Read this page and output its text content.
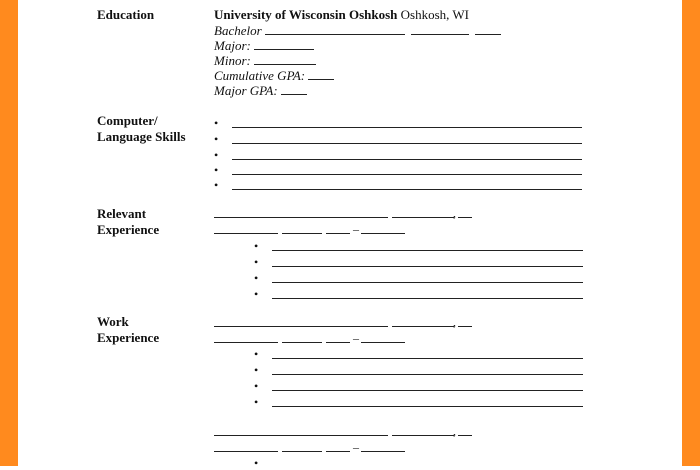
Education	University of Wisconsin Oshkosh Oshkosh, WI
Bachelor
Major:
Minor:
Cumulative GPA:
Major GPA:
Computer/
Language Skills
•
•
•
•
•
Relevant
Experience
,
–
•
•
•
•
Work
Experience
,
–
•
•
•
•
,
–
•
